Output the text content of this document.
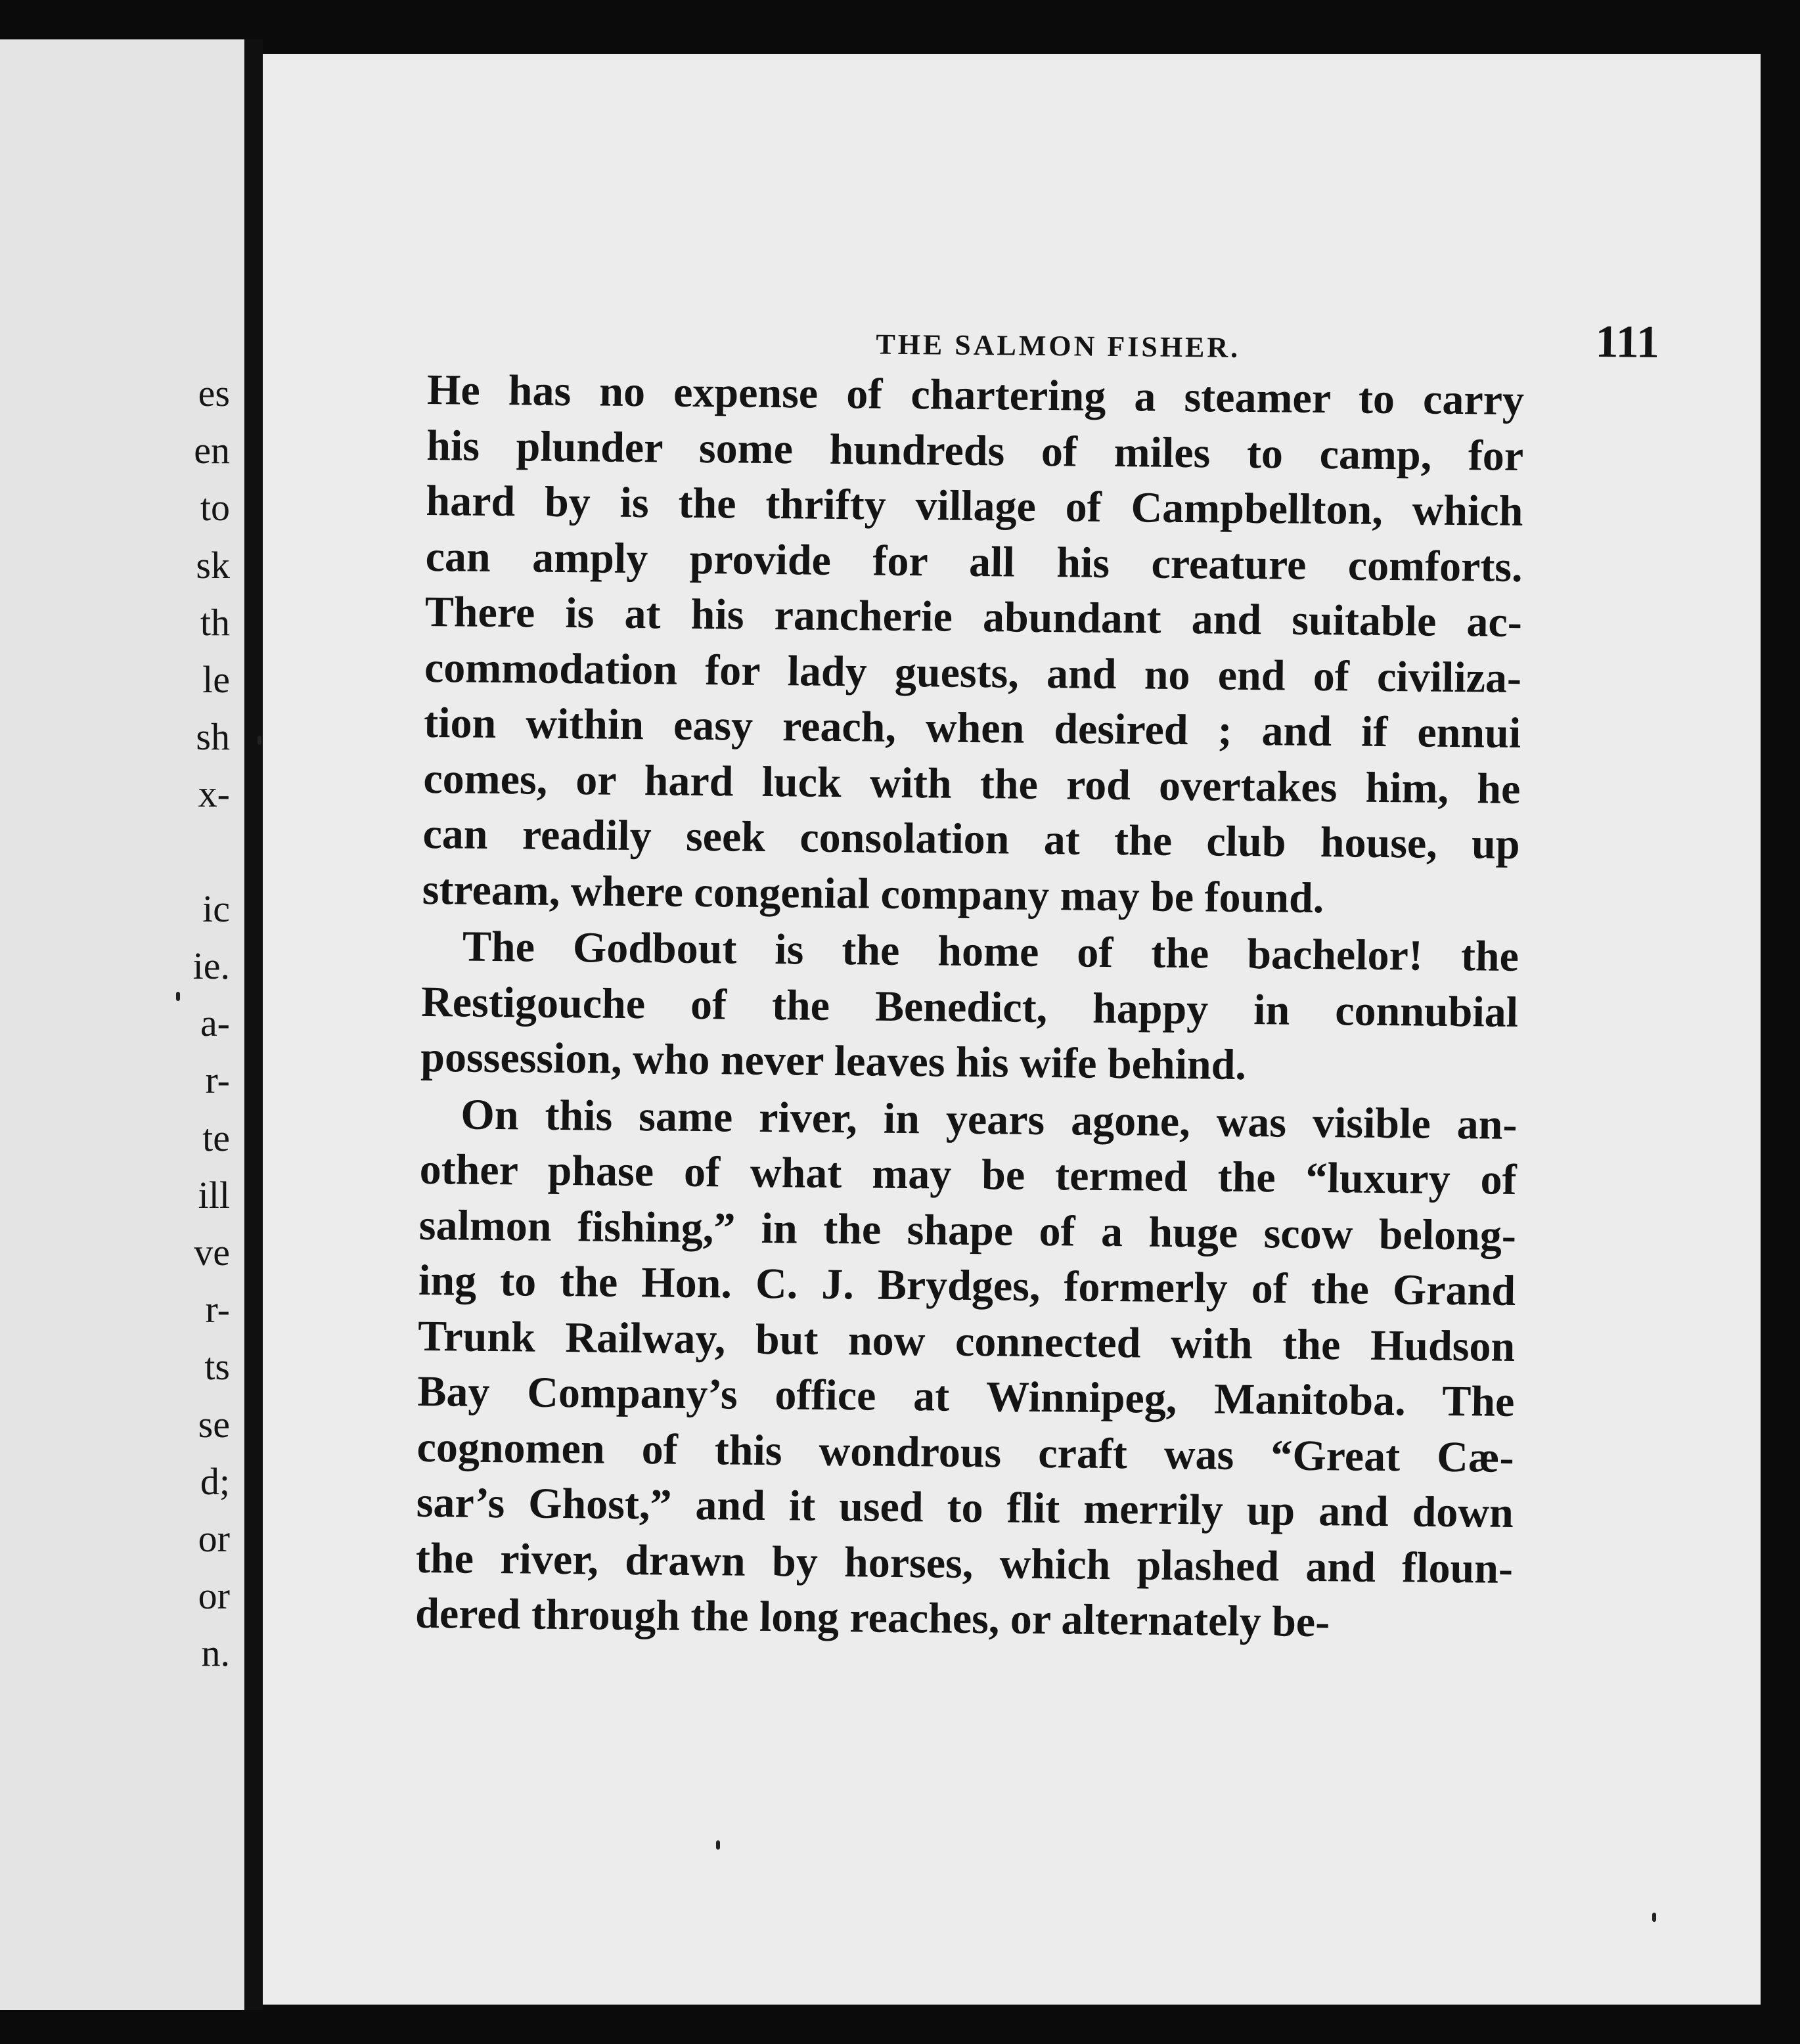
es
en
to
sk
th
le
sh
x-
ic
ie.
a-
r-
te
ill
ve
r-
ts
se
d;
or
or
n.
THE SALMON FISHER.	111
He has no expense of chartering a steamer to carry
his plunder some hundreds of miles to camp, for
hard by is the thrifty village of Campbellton, which
can amply provide for all his creature comforts.
There is at his rancherie abundant and suitable ac-
commodation for lady guests, and no end of civiliza-
tion within easy reach, when desired ; and if ennui
comes, or hard luck with the rod overtakes him, he
can readily seek consolation at the club house, up
stream, where congenial company may be found.
The Godbout is the home of the bachelor! the
Restigouche of the Benedict, happy in connubial
possession, who never leaves his wife behind.
On this same river, in years agone, was visible an-
other phase of what may be termed the “luxury of
salmon fishing,” in the shape of a huge scow belong-
ing to the Hon. C. J. Brydges, formerly of the Grand
Trunk Railway, but now connected with the Hudson
Bay Company’s office at Winnipeg, Manitoba. The
cognomen of this wondrous craft was “Great Cæ-
sar’s Ghost,” and it used to flit merrily up and down
the river, drawn by horses, which plashed and floun-
dered through the long reaches, or alternately be-
